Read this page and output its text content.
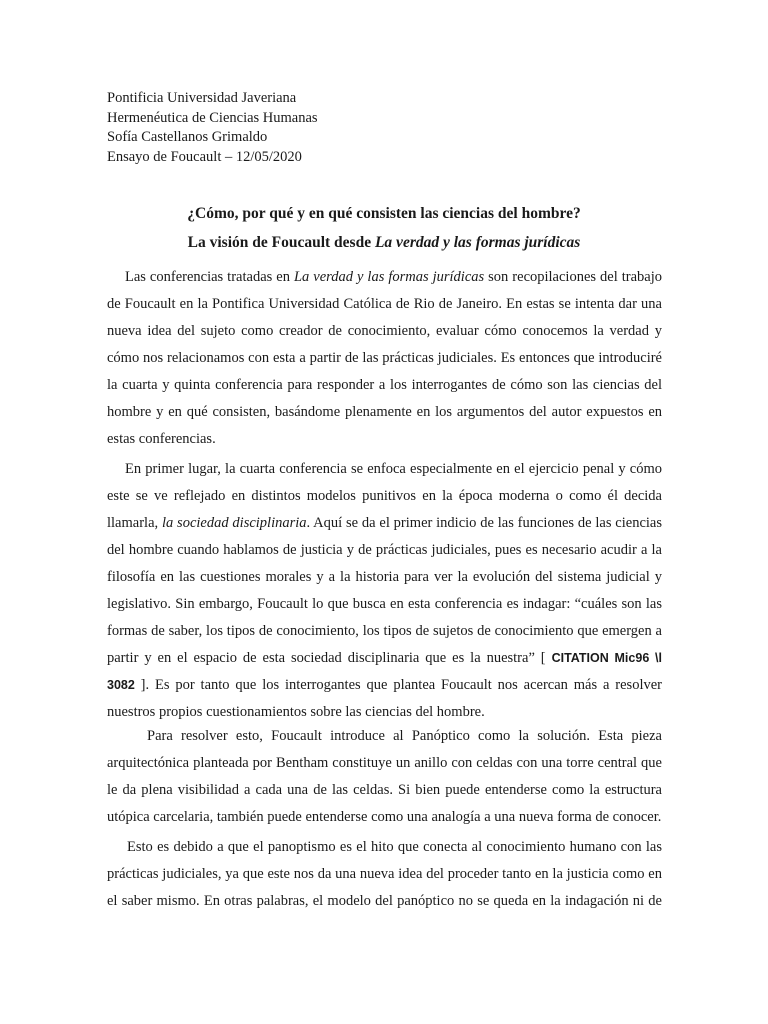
Pontificia Universidad Javeriana
Hermenéutica de Ciencias Humanas
Sofía Castellanos Grimaldo
Ensayo de Foucault – 12/05/2020
¿Cómo, por qué y en qué consisten las ciencias del hombre?
La visión de Foucault desde La verdad y las formas jurídicas
Las conferencias tratadas en La verdad y las formas jurídicas son recopilaciones del trabajo
de Foucault en la Pontifica Universidad Católica de Rio de Janeiro. En estas se intenta dar una
nueva idea del sujeto como creador de conocimiento, evaluar cómo conocemos la verdad y
cómo nos relacionamos con esta a partir de las prácticas judiciales. Es entonces que introduciré
la cuarta y quinta conferencia para responder a los interrogantes de cómo son las ciencias del
hombre y en qué consisten, basándome plenamente en los argumentos del autor expuestos en
estas conferencias.
En primer lugar, la cuarta conferencia se enfoca especialmente en el ejercicio penal y cómo
este se ve reflejado en distintos modelos punitivos en la época moderna o como él decida
llamarla, la sociedad disciplinaria. Aquí se da el primer indicio de las funciones de las ciencias
del hombre cuando hablamos de justicia y de prácticas judiciales, pues es necesario acudir a la
filosofía en las cuestiones morales y a la historia para ver la evolución del sistema judicial y
legislativo. Sin embargo, Foucault lo que busca en esta conferencia es indagar: “cuáles son las
formas de saber, los tipos de conocimiento, los tipos de sujetos de conocimiento que emergen a
partir y en el espacio de esta sociedad disciplinaria que es la nuestra” [ CITATION Mic96 \l
3082 ]. Es por tanto que los interrogantes que plantea Foucault nos acercan más a resolver
nuestros propios cuestionamientos sobre las ciencias del hombre.
Para resolver esto, Foucault introduce al Panóptico como la solución. Esta pieza
arquitectónica planteada por Bentham constituye un anillo con celdas con una torre central que
le da plena visibilidad a cada una de las celdas. Si bien puede entenderse como la estructura
utópica carcelaria, también puede entenderse como una analogía a una nueva forma de conocer.
Esto es debido a que el panoptismo es el hito que conecta al conocimiento humano con las
prácticas judiciales, ya que este nos da una nueva idea del proceder tanto en la justicia como en
el saber mismo. En otras palabras, el modelo del panóptico no se queda en la indagación ni de
